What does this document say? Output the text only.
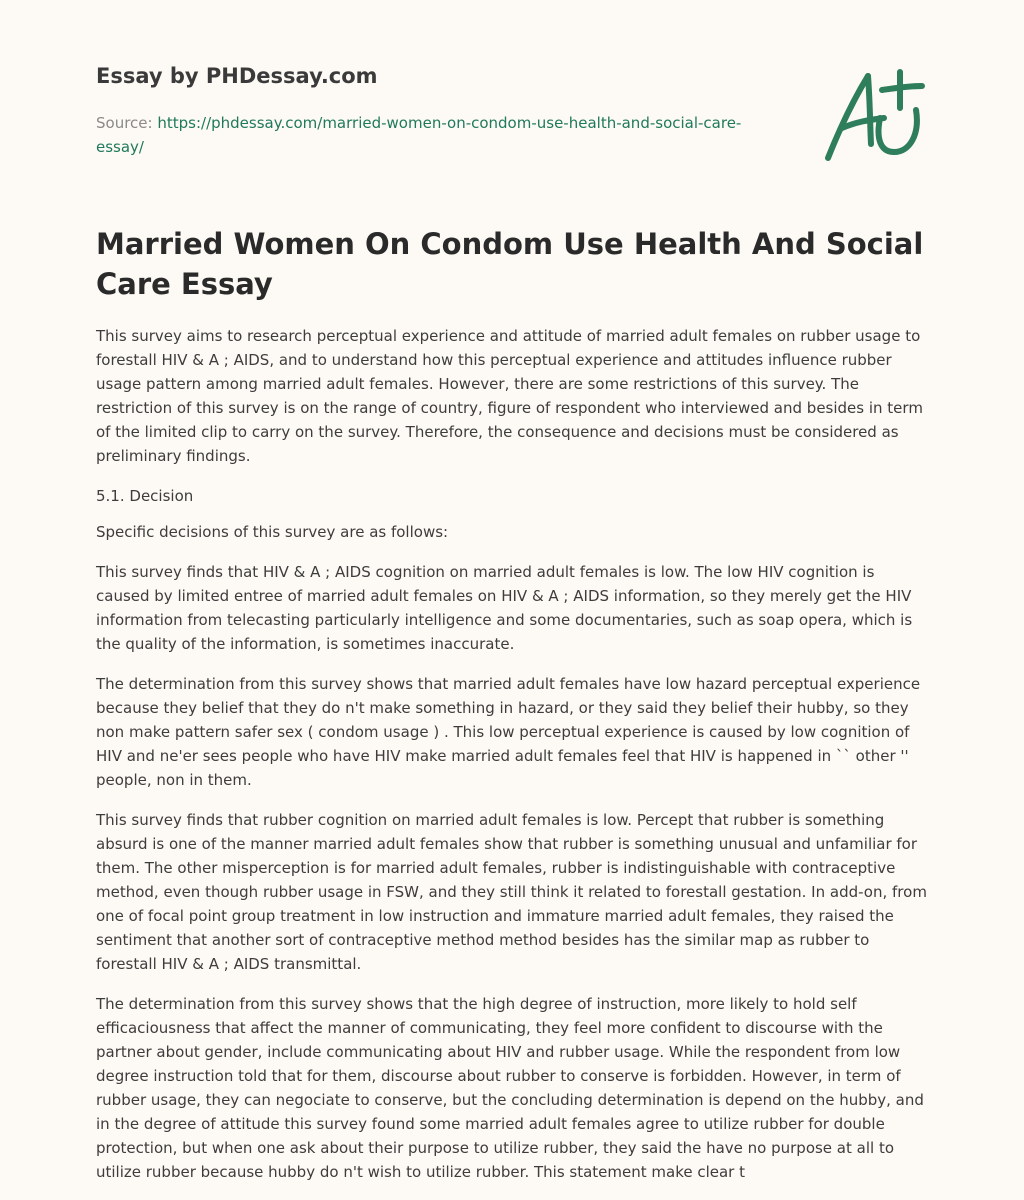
Essay by PHDessay.com
Source: https://phdessay.com/married-women-on-condom-use-health-and-social-care-essay/
Married Women On Condom Use Health And Social Care Essay

This survey aims to research perceptual experience and attitude of married adult females on rubber usage to forestall HIV & A ; AIDS, and to understand how this perceptual experience and attitudes influence rubber usage pattern among married adult females. However, there are some restrictions of this survey. The restriction of this survey is on the range of country, figure of respondent who interviewed and besides in term of the limited clip to carry on the survey. Therefore, the consequence and decisions must be considered as preliminary findings.

5.1. Decision

Specific decisions of this survey are as follows:

This survey finds that HIV & A ; AIDS cognition on married adult females is low. The low HIV cognition is caused by limited entree of married adult females on HIV & A ; AIDS information, so they merely get the HIV information from telecasting particularly intelligence and some documentaries, such as soap opera, which is the quality of the information, is sometimes inaccurate.

The determination from this survey shows that married adult females have low hazard perceptual experience because they belief that they do n't make something in hazard, or they said they belief their hubby, so they non make pattern safer sex ( condom usage ) . This low perceptual experience is caused by low cognition of HIV and ne'er sees people who have HIV make married adult females feel that HIV is happened in `` other '' people, non in them.

This survey finds that rubber cognition on married adult females is low. Percept that rubber is something absurd is one of the manner married adult females show that rubber is something unusual and unfamiliar for them. The other misperception is for married adult females, rubber is indistinguishable with contraceptive method, even though rubber usage in FSW, and they still think it related to forestall gestation. In add-on, from one of focal point group treatment in low instruction and immature married adult females, they raised the sentiment that another sort of contraceptive method method besides has the similar map as rubber to forestall HIV & A ; AIDS transmittal.

The determination from this survey shows that the high degree of instruction, more likely to hold self efficaciousness that affect the manner of communicating, they feel more confident to discourse with the partner about gender, include communicating about HIV and rubber usage. While the respondent from low degree instruction told that for them, discourse about rubber to conserve is forbidden. However, in term of rubber usage, they can negociate to conserve, but the concluding determination is depend on the hubby, and in the degree of attitude this survey found some married adult females agree to utilize rubber for double protection, but when one ask about their purpose to utilize rubber, they said the have no purpose at all to utilize rubber because hubby do n't wish to utilize rubber. This statement make clear t
